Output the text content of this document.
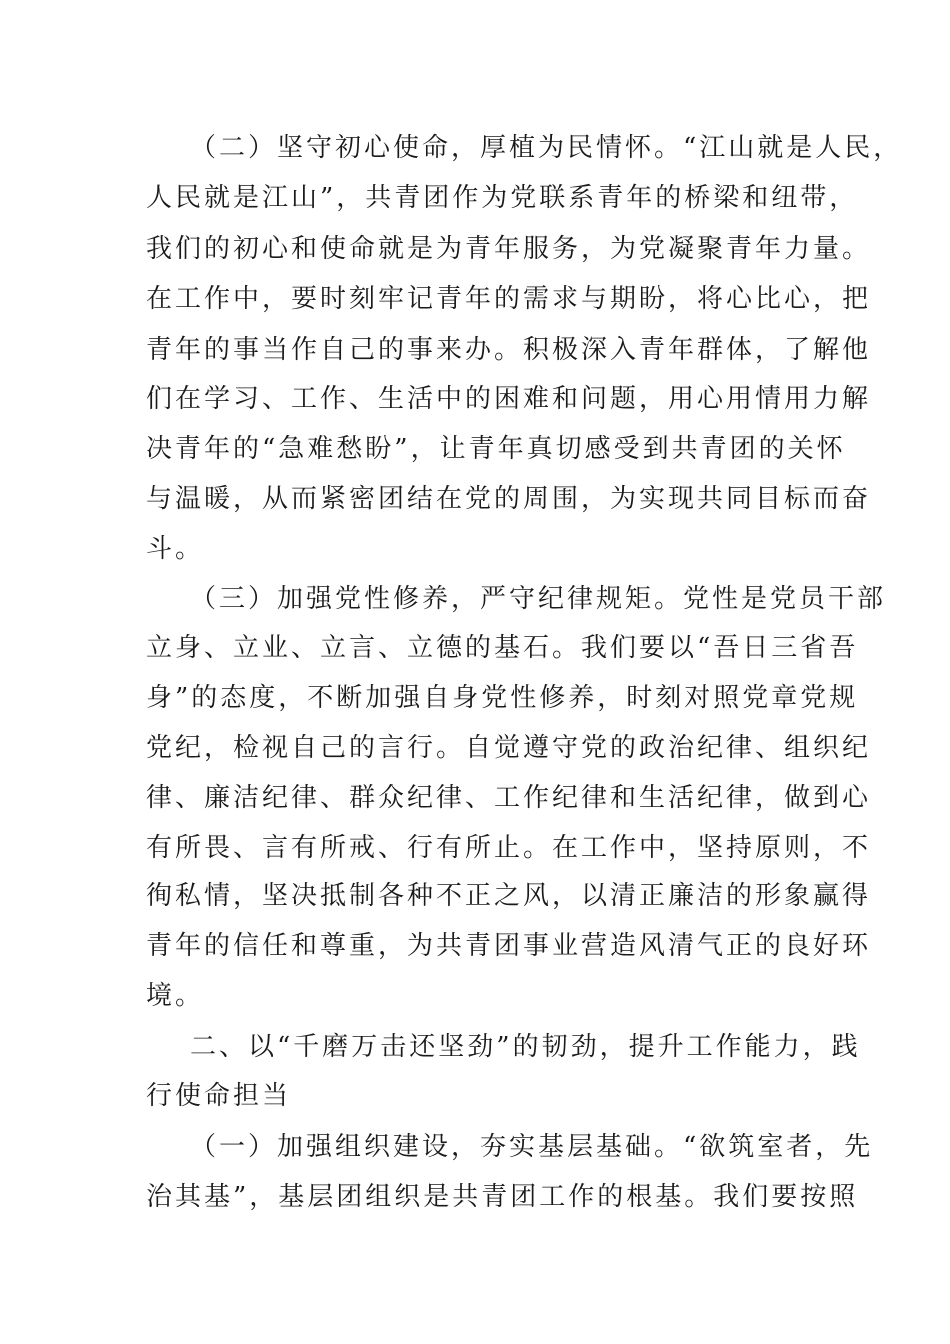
（二）坚守初心使命，厚植为民情怀。“江山就是人民，
人民就是江山”，共青团作为党联系青年的桥梁和纽带，
我们的初心和使命就是为青年服务，为党凝聚青年力量。
在工作中，要时刻牢记青年的需求与期盼，将心比心，把
青年的事当作自己的事来办。积极深入青年群体，了解他
们在学习、工作、生活中的困难和问题，用心用情用力解
决青年的“急难愁盼”，让青年真切感受到共青团的关怀
与温暖，从而紧密团结在党的周围，为实现共同目标而奋
斗。
（三）加强党性修养，严守纪律规矩。党性是党员干部
立身、立业、立言、立德的基石。我们要以“吾日三省吾
身”的态度，不断加强自身党性修养，时刻对照党章党规
党纪，检视自己的言行。自觉遵守党的政治纪律、组织纪
律、廉洁纪律、群众纪律、工作纪律和生活纪律，做到心
有所畏、言有所戒、行有所止。在工作中，坚持原则，不
徇私情，坚决抵制各种不正之风，以清正廉洁的形象赢得
青年的信任和尊重，为共青团事业营造风清气正的良好环
境。
二、以“千磨万击还坚劲”的韧劲，提升工作能力，践
行使命担当
（一）加强组织建设，夯实基层基础。“欲筑室者，先
治其基”，基层团组织是共青团工作的根基。我们要按照
